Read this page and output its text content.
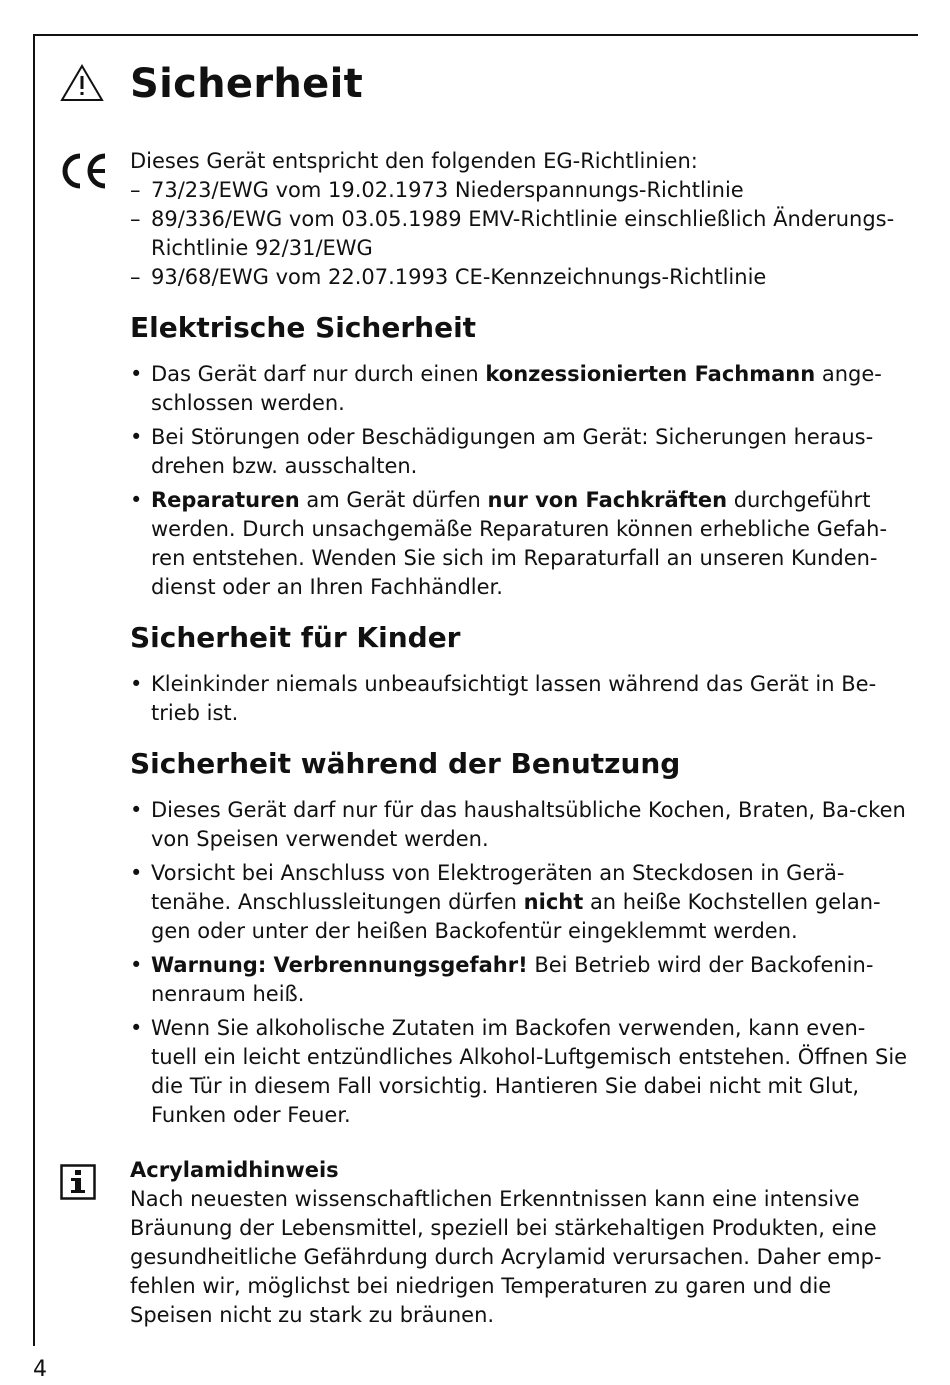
Sicherheit

Dieses Gerät entspricht den folgenden EG-Richtlinien:

– 73/23/EWG vom 19.02.1973 Niederspannungs-Richtlinie

– 89/336/EWG vom 03.05.1989 EMV-Richtlinie einschließlich Änderungs-Richtlinie 92/31/EWG

– 93/68/EWG vom 22.07.1993 CE-Kennzeichnungs-Richtlinie

Elektrische Sicherheit
• Das Gerät darf nur durch einen konzessionierten Fachmann ange-schlossen werden.
• Bei Störungen oder Beschädigungen am Gerät: Sicherungen heraus-drehen bzw. ausschalten.
• Reparaturen am Gerät dürfen nur von Fachkräften durchgeführt werden. Durch unsachgemäße Reparaturen können erhebliche Gefah-ren entstehen. Wenden Sie sich im Reparaturfall an unseren Kunden-dienst oder an Ihren Fachhändler.
Sicherheit für Kinder
• Kleinkinder niemals unbeaufsichtigt lassen während das Gerät in Be-trieb ist.
Sicherheit während der Benutzung
• Dieses Gerät darf nur für das haushaltsübliche Kochen, Braten, Ba-cken von Speisen verwendet werden.
• Vorsicht bei Anschluss von Elektrogeräten an Steckdosen in Gerä-tenähe. Anschlussleitungen dürfen nicht an heiße Kochstellen gelan-gen oder unter der heißen Backofentür eingeklemmt werden.
• Warnung: Verbrennungsgefahr! Bei Betrieb wird der Backofenin-nenraum heiß.
• Wenn Sie alkoholische Zutaten im Backofen verwenden, kann even-tuell ein leicht entzündliches Alkohol-Luftgemisch entstehen. Öffnen Sie die Tür in diesem Fall vorsichtig. Hantieren Sie dabei nicht mit Glut, Funken oder Feuer.

Acrylamidhinweis

Nach neuesten wissenschaftlichen Erkenntnissen kann eine intensive Bräunung der Lebensmittel, speziell bei stärkehaltigen Produkten, eine gesundheitliche Gefährdung durch Acrylamid verursachen. Daher emp-fehlen wir, möglichst bei niedrigen Temperaturen zu garen und die Speisen nicht zu stark zu bräunen.

4
